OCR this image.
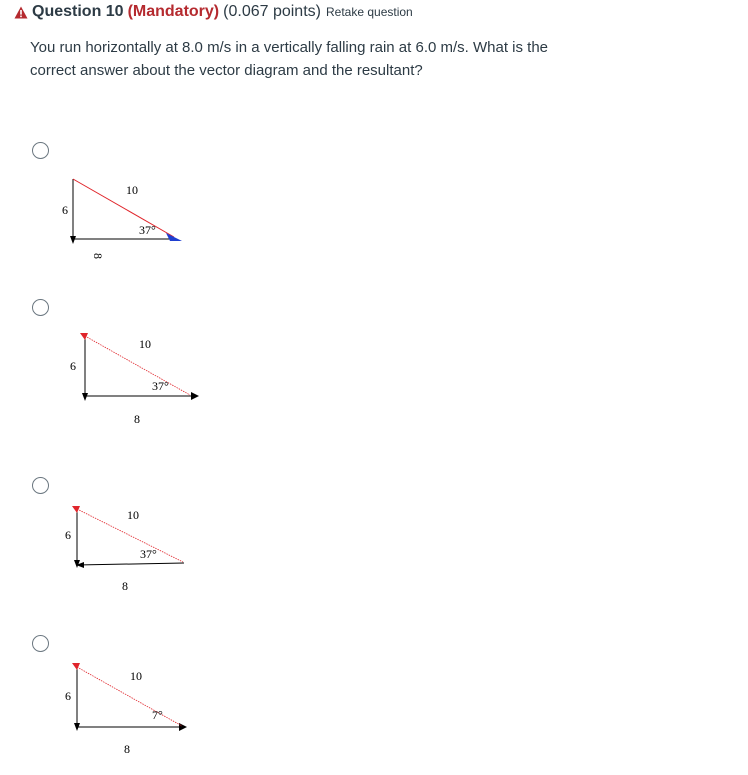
Question 10 (Mandatory) (0.067 points) Retake question
You run horizontally at 8.0 m/s in a vertically falling rain at 6.0 m/s. What is the correct answer about the vector diagram and the resultant?
10
6
8
37°
10
6
8
37°
10
6
8
37°
10
6
8
7°
